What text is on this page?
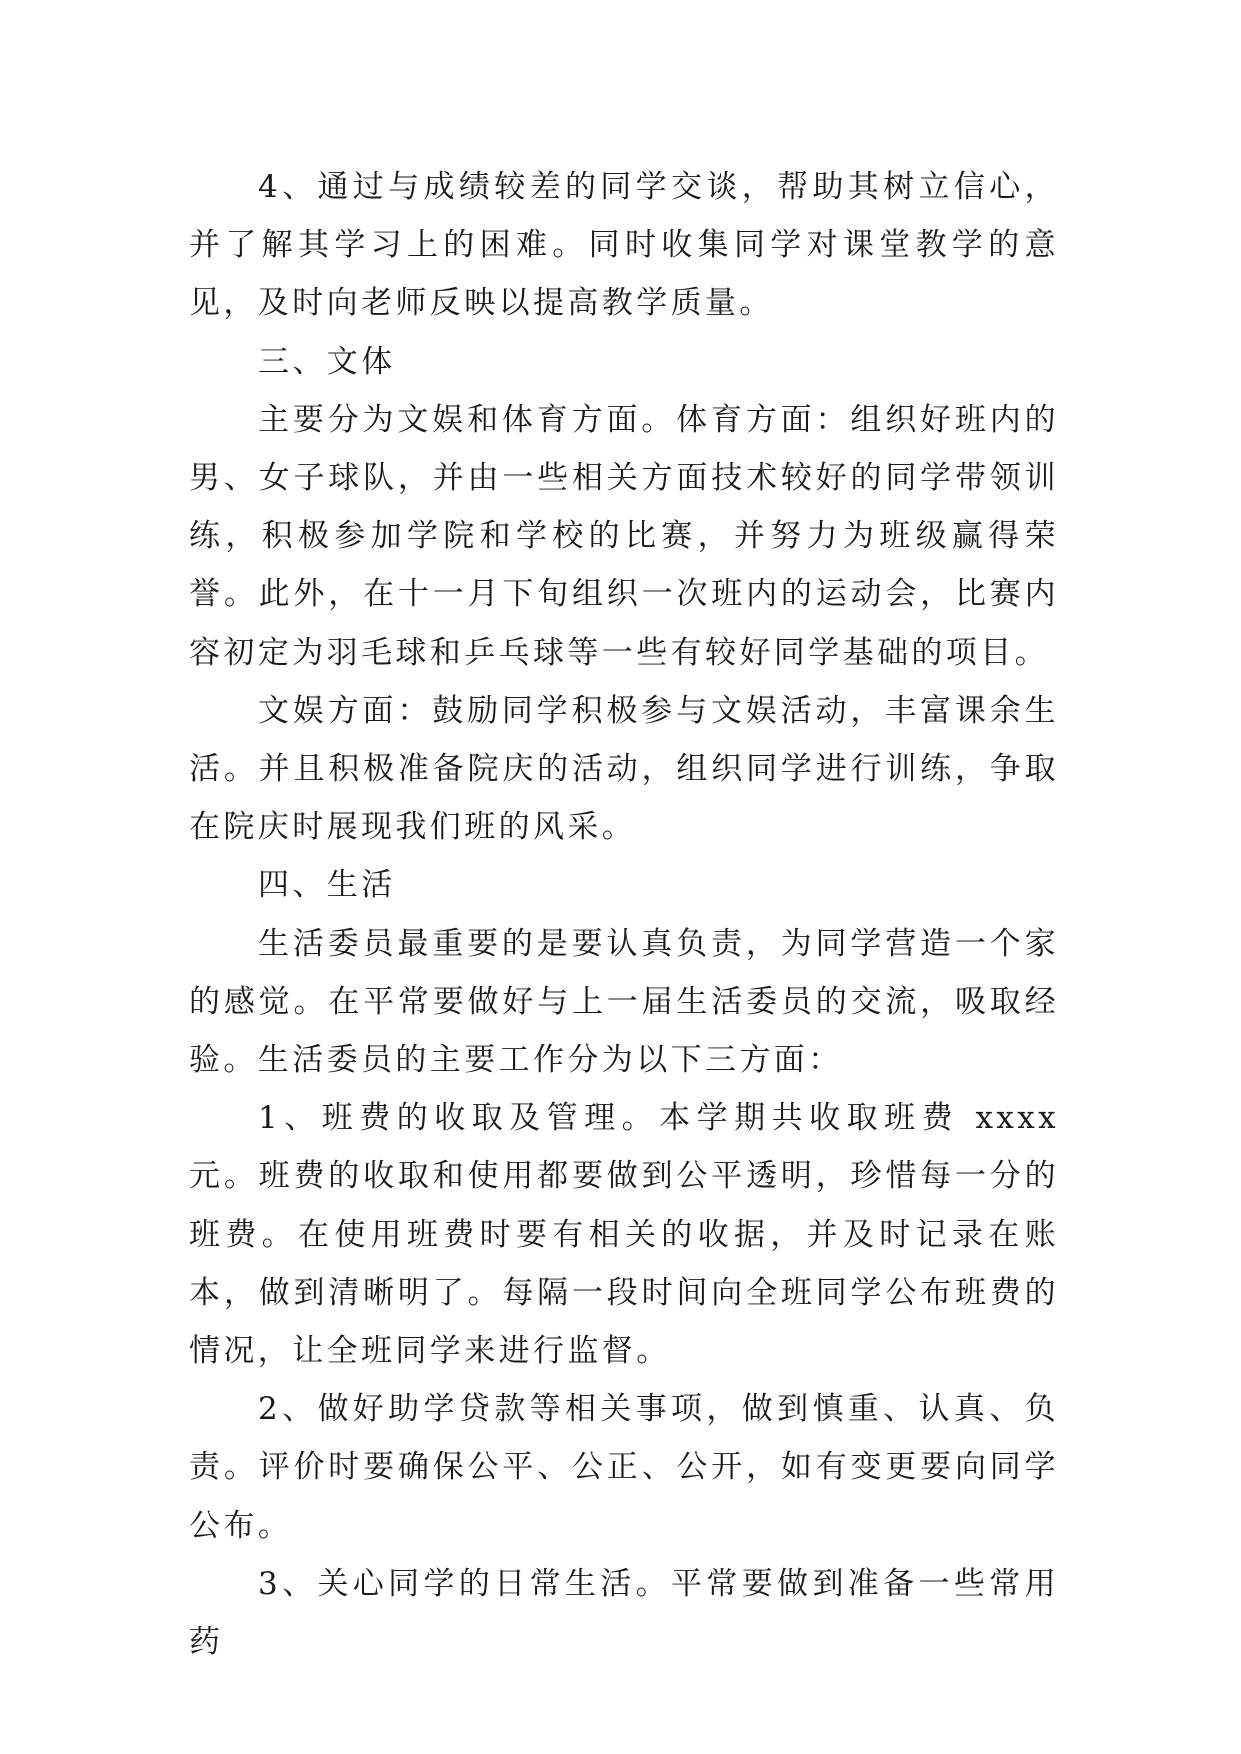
4、通过与成绩较差的同学交谈，帮助其树立信心，并了解其学习上的困难。同时收集同学对课堂教学的意见，及时向老师反映以提高教学质量。

三、文体

主要分为文娱和体育方面。体育方面：组织好班内的男、女子球队，并由一些相关方面技术较好的同学带领训练，积极参加学院和学校的比赛，并努力为班级赢得荣誉。此外，在十一月下旬组织一次班内的运动会，比赛内容初定为羽毛球和乒乓球等一些有较好同学基础的项目。

文娱方面：鼓励同学积极参与文娱活动，丰富课余生活。并且积极准备院庆的活动，组织同学进行训练，争取在院庆时展现我们班的风采。

四、生活

生活委员最重要的是要认真负责，为同学营造一个家的感觉。在平常要做好与上一届生活委员的交流，吸取经验。生活委员的主要工作分为以下三方面：

1、班费的收取及管理。本学期共收取班费 xxxx 元。班费的收取和使用都要做到公平透明，珍惜每一分的班费。在使用班费时要有相关的收据，并及时记录在账本，做到清晰明了。每隔一段时间向全班同学公布班费的情况，让全班同学来进行监督。

2、做好助学贷款等相关事项，做到慎重、认真、负责。评价时要确保公平、公正、公开，如有变更要向同学公布。

3、关心同学的日常生活。平常要做到准备一些常用药
